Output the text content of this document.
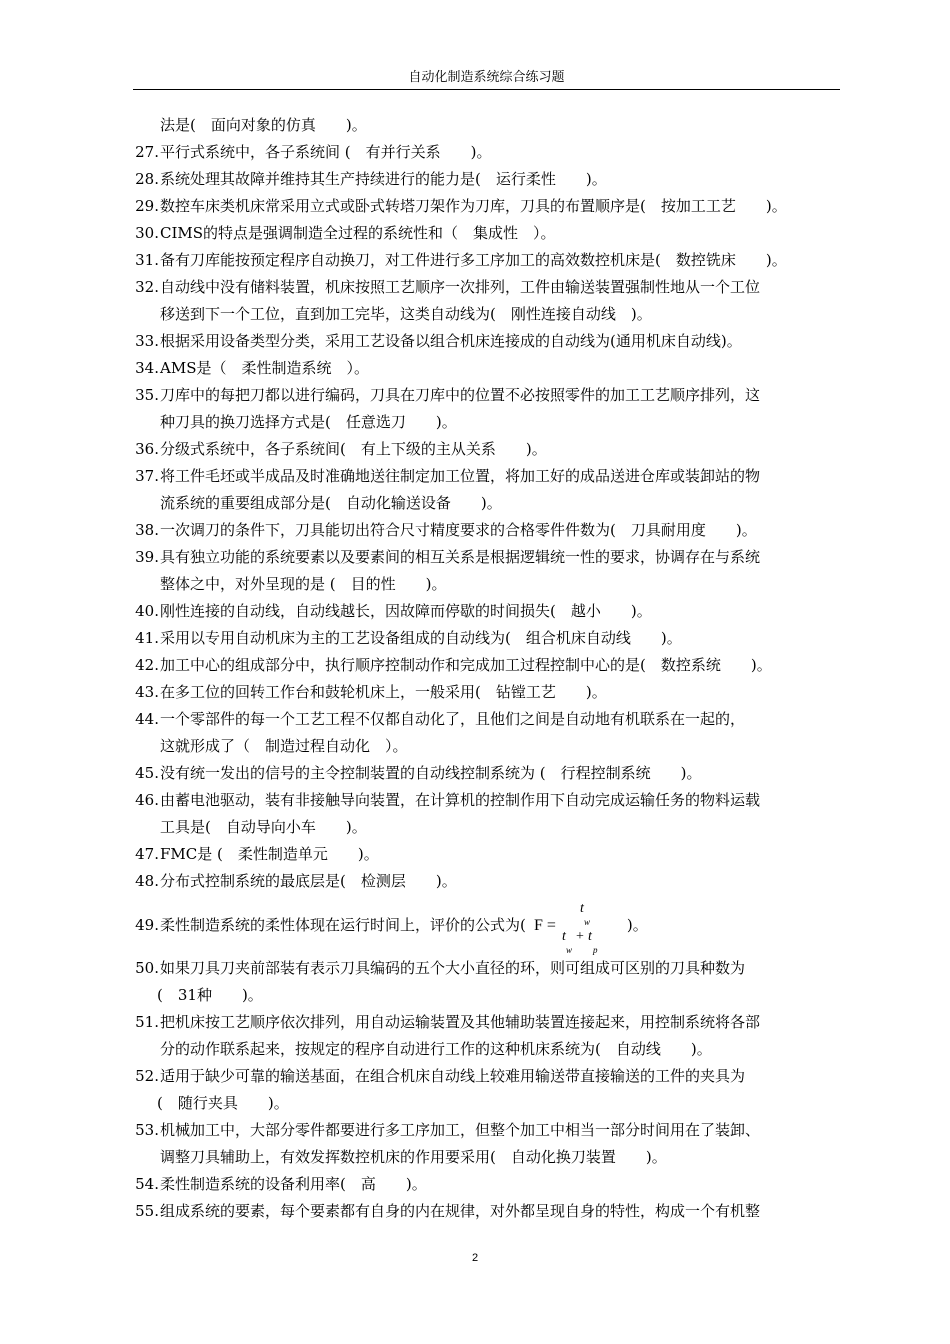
自动化制造系统综合练习题
法是(　面向对象的仿真　　)。
27. 平行式系统中，各子系统间 (　有并行关系　　)。
28. 系统处理其故障并维持其生产持续进行的能力是(　运行柔性　　)。
29. 数控车床类机床常采用立式或卧式转塔刀架作为刀库，刀具的布置顺序是(　按加工工艺　　)。
30. CIMS的特点是强调制造全过程的系统性和（　集成性　）。
31. 备有刀库能按预定程序自动换刀，对工件进行多工序加工的高效数控机床是(　数控铣床　　)。
32. 自动线中没有储料装置，机床按照工艺顺序一次排列，工件由输送装置强制性地从一个工位
移送到下一个工位，直到加工完毕，这类自动线为(　刚性连接自动线　)。
33. 根据采用设备类型分类，采用工艺设备以组合机床连接成的自动线为(通用机床自动线)。
34. AMS是（　柔性制造系统　）。
35. 刀库中的每把刀都以进行编码，刀具在刀库中的位置不必按照零件的加工工艺顺序排列，这
种刀具的换刀选择方式是(　任意选刀　　)。
36. 分级式系统中，各子系统间(　有上下级的主从关系　　)。
37. 将工件毛坯或半成品及时准确地送往制定加工位置，将加工好的成品送进仓库或装卸站的物
流系统的重要组成部分是(　自动化输送设备　　)。
38. 一次调刀的条件下，刀具能切出符合尺寸精度要求的合格零件件数为(　刀具耐用度　　)。
39. 具有独立功能的系统要素以及要素间的相互关系是根据逻辑统一性的要求，协调存在与系统
整体之中，对外呈现的是 (　目的性　　)。
40. 刚性连接的自动线，自动线越长，因故障而停歇的时间损失(　越小　　)。
41. 采用以专用自动机床为主的工艺设备组成的自动线为(　组合机床自动线　　)。
42. 加工中心的组成部分中，执行顺序控制动作和完成加工过程控制中心的是(　数控系统　　)。
43. 在多工位的回转工作台和鼓轮机床上，一般采用(　钻镗工艺　　)。
44. 一个零部件的每一个工艺工程不仅都自动化了，且他们之间是自动地有机联系在一起的，
这就形成了（　制造过程自动化　）。
45. 没有统一发出的信号的主令控制装置的自动线控制系统为 (　行程控制系统　　)。
46. 由蓄电池驱动，装有非接触导向装置，在计算机的控制作用下自动完成运输任务的物料运载
工具是(　自动导向小车　　)。
47. FMC是 (　柔性制造单元　　)。
48. 分布式控制系统的最底层是(　检测层　　)。
49. 柔性制造系统的柔性体现在运行时间上，评价的公式为( F =
t
w
t + t
w p
)。
50. 如果刀具刀夹前部装有表示刀具编码的五个大小直径的环，则可组成可区别的刀具种数为
(　31种　　)。
51. 把机床按工艺顺序依次排列，用自动运输装置及其他辅助装置连接起来，用控制系统将各部
分的动作联系起来，按规定的程序自动进行工作的这种机床系统为(　自动线　　)。
52. 适用于缺少可靠的输送基面，在组合机床自动线上较难用输送带直接输送的工件的夹具为
(　随行夹具　　)。
53. 机械加工中，大部分零件都要进行多工序加工，但整个加工中相当一部分时间用在了装卸、
调整刀具辅助上，有效发挥数控机床的作用要采用(　自动化换刀装置　　)。
54. 柔性制造系统的设备利用率(　高　　)。
55. 组成系统的要素，每个要素都有自身的内在规律，对外都呈现自身的特性，构成一个有机整
2
